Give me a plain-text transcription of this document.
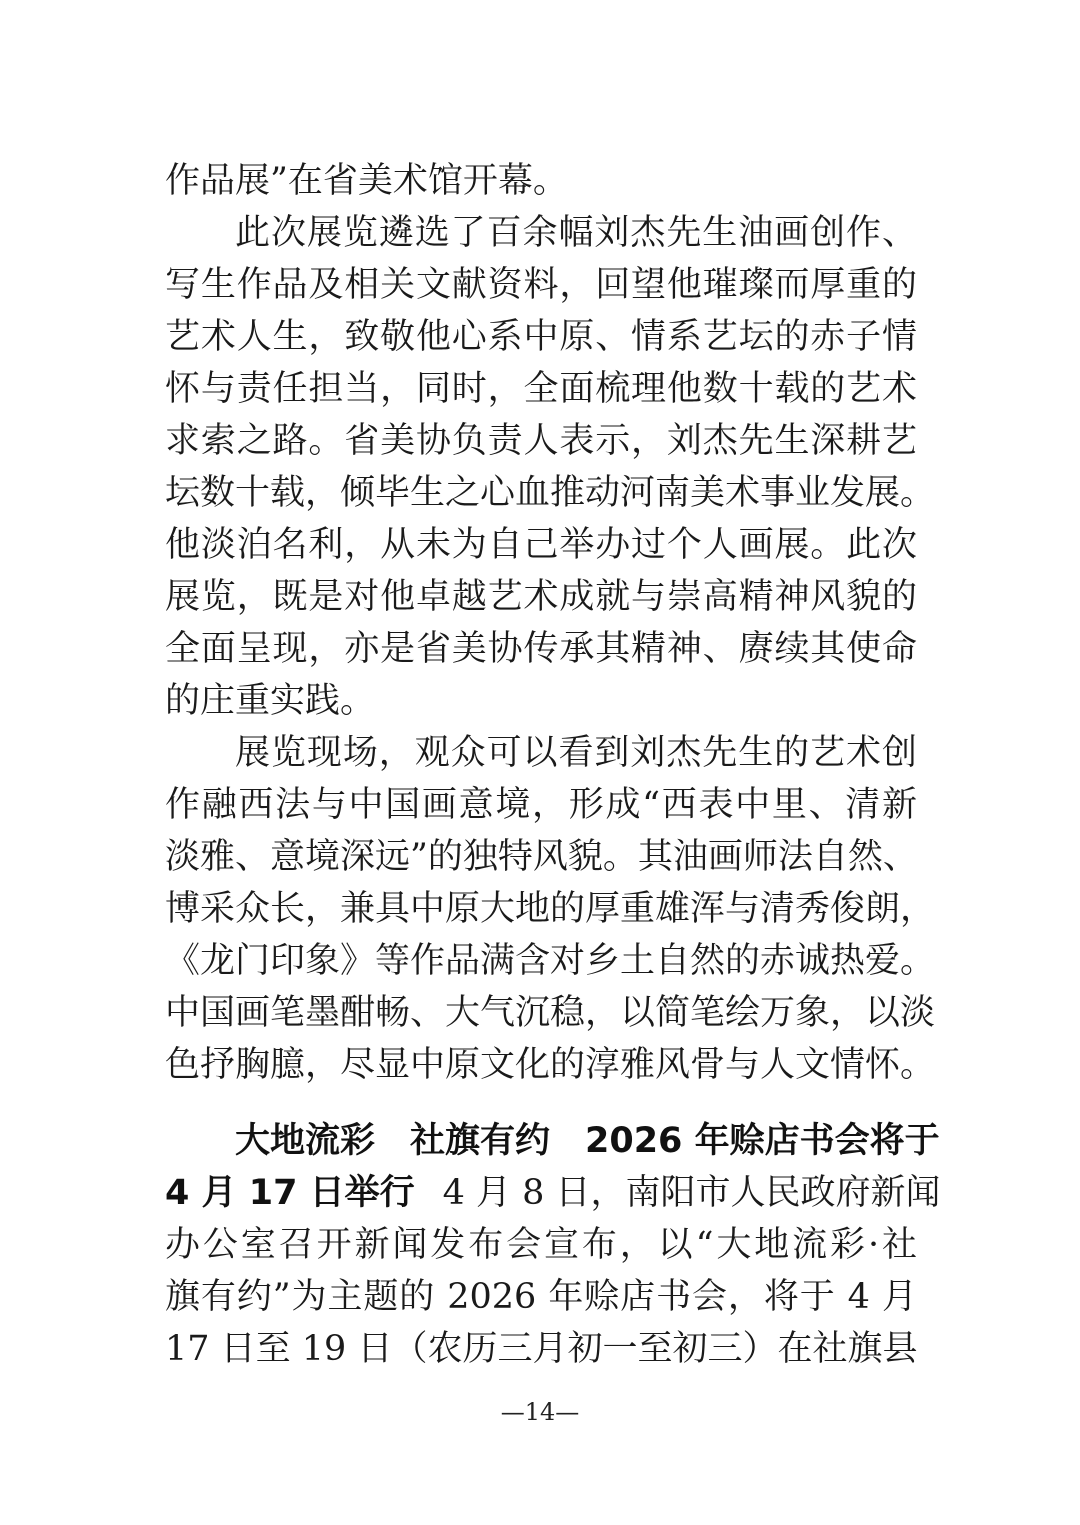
作品展”在省美术馆开幕。
此次展览遴选了百余幅刘杰先生油画创作、
写生作品及相关文献资料，回望他璀璨而厚重的
艺术人生，致敬他心系中原、情系艺坛的赤子情
怀与责任担当，同时，全面梳理他数十载的艺术
求索之路。省美协负责人表示，刘杰先生深耕艺
坛数十载，倾毕生之心血推动河南美术事业发展。
他淡泊名利，从未为自己举办过个人画展。此次
展览，既是对他卓越艺术成就与崇高精神风貌的
全面呈现，亦是省美协传承其精神、赓续其使命
的庄重实践。
展览现场，观众可以看到刘杰先生的艺术创
作融西法与中国画意境，形成“西表中里、清新
淡雅、意境深远”的独特风貌。其油画师法自然、
博采众长，兼具中原大地的厚重雄浑与清秀俊朗，
《龙门印象》等作品满含对乡土自然的赤诚热爱。
中国画笔墨酣畅、大气沉稳，以简笔绘万象，以淡
色抒胸臆，尽显中原文化的淳雅风骨与人文情怀。
大地流彩　社旗有约　2026 年赊店书会将于
4 月 17 日举行 4 月 8 日，南阳市人民政府新闻
办公室召开新闻发布会宣布，以“大地流彩·社
旗有约”为主题的 2026 年赊店书会，将于 4 月
17 日至 19 日（农历三月初一至初三）在社旗县
—14—
